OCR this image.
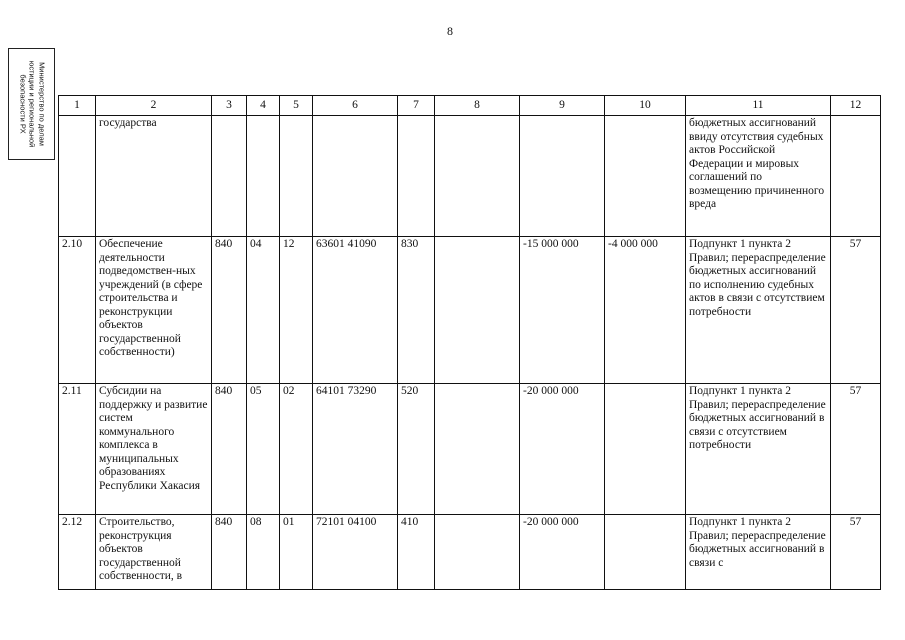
8
Министерство по делам
юстиции и региональной
безопасности РХ	1	2	3	4	5	6	7	8	9	10	11	12
	государства									бюджетных ассигнований ввиду отсутствия судебных актов Российской Федерации и мировых соглашений по возмещению причиненного вреда	
2.10	Обеспечение деятельности подведомствен-ных учреждений (в сфере строительства и реконструкции объектов государственной собственности)	840	04	12	63601 41090	830		-15 000 000	-4 000 000	Подпункт 1 пункта 2 Правил; перераспределение бюджетных ассигнований по исполнению судебных актов в связи с отсутствием потребности	57
2.11	Субсидии на поддержку и развитие систем коммунального комплекса в муниципальных образованиях Республики Хакасия	840	05	02	64101 73290	520		-20 000 000		Подпункт 1 пункта 2 Правил; перераспределение бюджетных ассигнований в связи с отсутствием потребности	57
2.12	Строительство, реконструкция объектов государственной собственности, в	840	08	01	72101 04100	410		-20 000 000		Подпункт 1 пункта 2 Правил; перераспределение бюджетных ассигнований в связи с	57
